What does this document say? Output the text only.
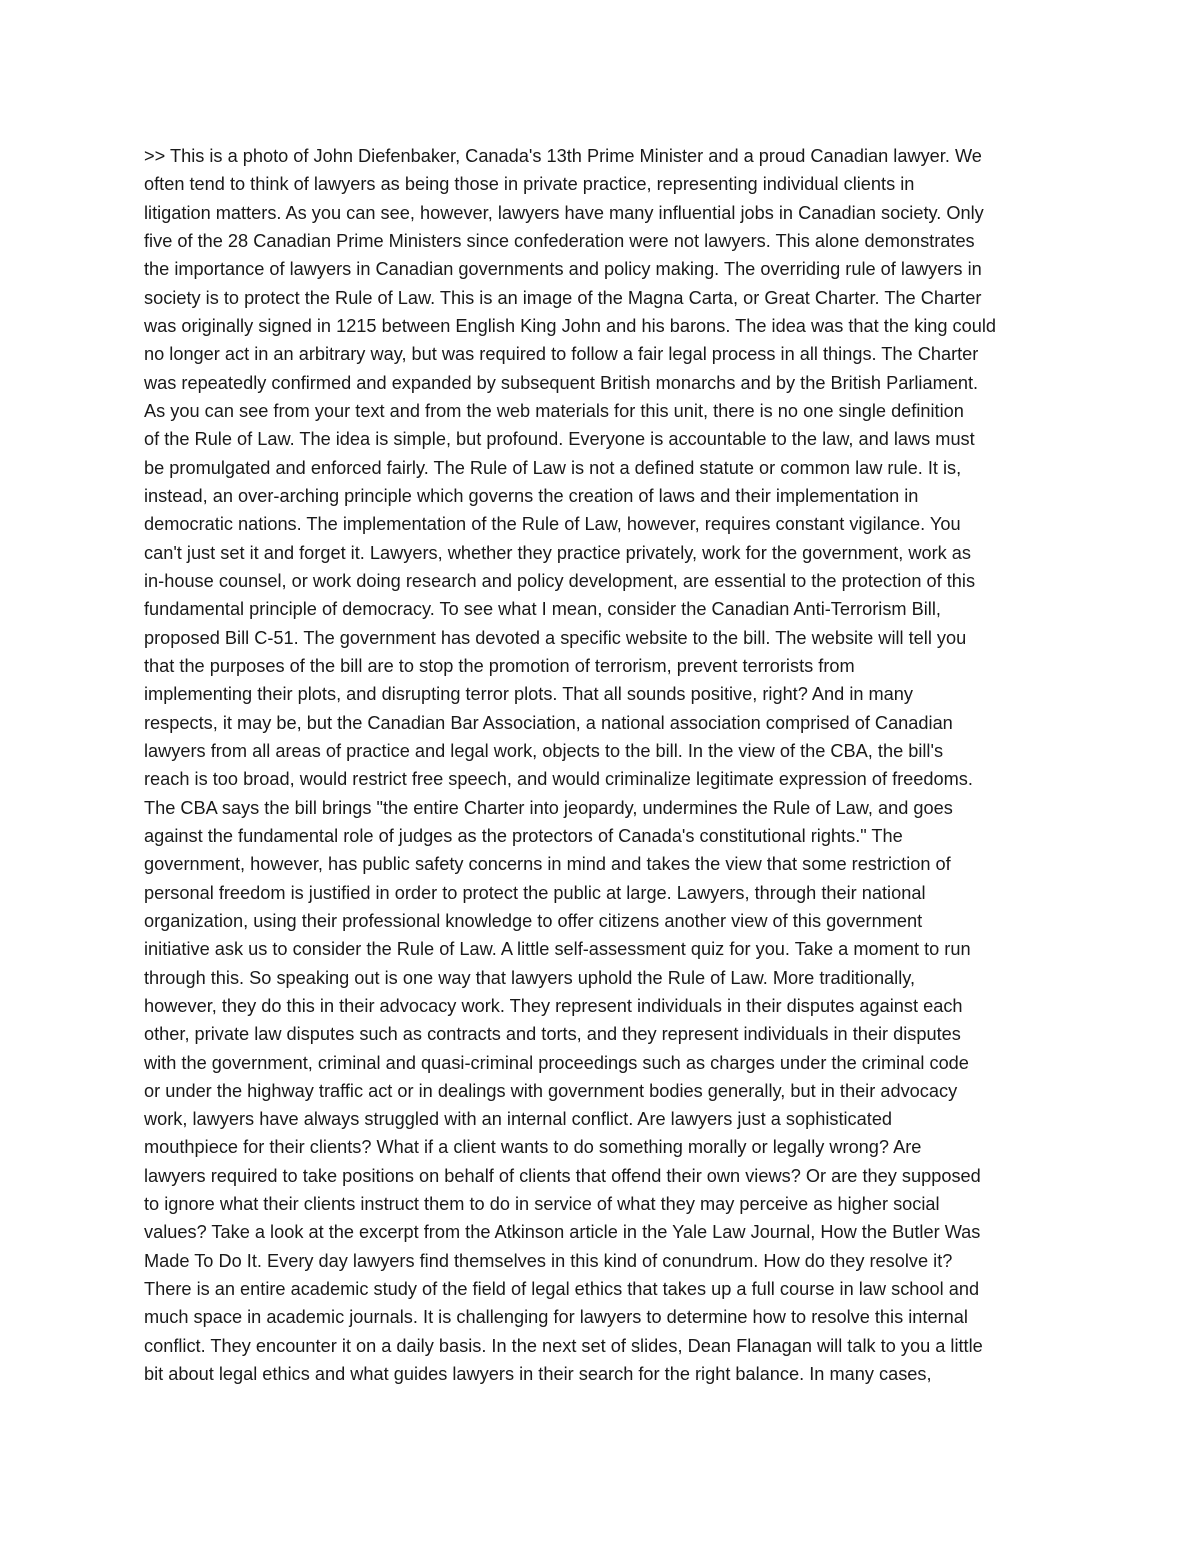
>> This is a photo of John Diefenbaker, Canada's 13th Prime Minister and a proud Canadian lawyer. We
often tend to think of lawyers as being those in private practice, representing individual clients in
litigation matters. As you can see, however, lawyers have many influential jobs in Canadian society. Only
five of the 28 Canadian Prime Ministers since confederation were not lawyers. This alone demonstrates
the importance of lawyers in Canadian governments and policy making. The overriding rule of lawyers in
society is to protect the Rule of Law. This is an image of the Magna Carta, or Great Charter. The Charter
was originally signed in 1215 between English King John and his barons. The idea was that the king could
no longer act in an arbitrary way, but was required to follow a fair legal process in all things. The Charter
was repeatedly confirmed and expanded by subsequent British monarchs and by the British Parliament.
As you can see from your text and from the web materials for this unit, there is no one single definition
of the Rule of Law. The idea is simple, but profound. Everyone is accountable to the law, and laws must
be promulgated and enforced fairly. The Rule of Law is not a defined statute or common law rule. It is,
instead, an over-arching principle which governs the creation of laws and their implementation in
democratic nations. The implementation of the Rule of Law, however, requires constant vigilance. You
can't just set it and forget it. Lawyers, whether they practice privately, work for the government, work as
in-house counsel, or work doing research and policy development, are essential to the protection of this
fundamental principle of democracy. To see what I mean, consider the Canadian Anti-Terrorism Bill,
proposed Bill C-51. The government has devoted a specific website to the bill. The website will tell you
that the purposes of the bill are to stop the promotion of terrorism, prevent terrorists from
implementing their plots, and disrupting terror plots. That all sounds positive, right? And in many
respects, it may be, but the Canadian Bar Association, a national association comprised of Canadian
lawyers from all areas of practice and legal work, objects to the bill. In the view of the CBA, the bill's
reach is too broad, would restrict free speech, and would criminalize legitimate expression of freedoms.
The CBA says the bill brings "the entire Charter into jeopardy, undermines the Rule of Law, and goes
against the fundamental role of judges as the protectors of Canada's constitutional rights." The
government, however, has public safety concerns in mind and takes the view that some restriction of
personal freedom is justified in order to protect the public at large. Lawyers, through their national
organization, using their professional knowledge to offer citizens another view of this government
initiative ask us to consider the Rule of Law. A little self-assessment quiz for you. Take a moment to run
through this. So speaking out is one way that lawyers uphold the Rule of Law. More traditionally,
however, they do this in their advocacy work. They represent individuals in their disputes against each
other, private law disputes such as contracts and torts, and they represent individuals in their disputes
with the government, criminal and quasi-criminal proceedings such as charges under the criminal code
or under the highway traffic act or in dealings with government bodies generally, but in their advocacy
work, lawyers have always struggled with an internal conflict. Are lawyers just a sophisticated
mouthpiece for their clients? What if a client wants to do something morally or legally wrong? Are
lawyers required to take positions on behalf of clients that offend their own views? Or are they supposed
to ignore what their clients instruct them to do in service of what they may perceive as higher social
values? Take a look at the excerpt from the Atkinson article in the Yale Law Journal, How the Butler Was
Made To Do It. Every day lawyers find themselves in this kind of conundrum. How do they resolve it?
There is an entire academic study of the field of legal ethics that takes up a full course in law school and
much space in academic journals. It is challenging for lawyers to determine how to resolve this internal
conflict. They encounter it on a daily basis. In the next set of slides, Dean Flanagan will talk to you a little
bit about legal ethics and what guides lawyers in their search for the right balance. In many cases,
